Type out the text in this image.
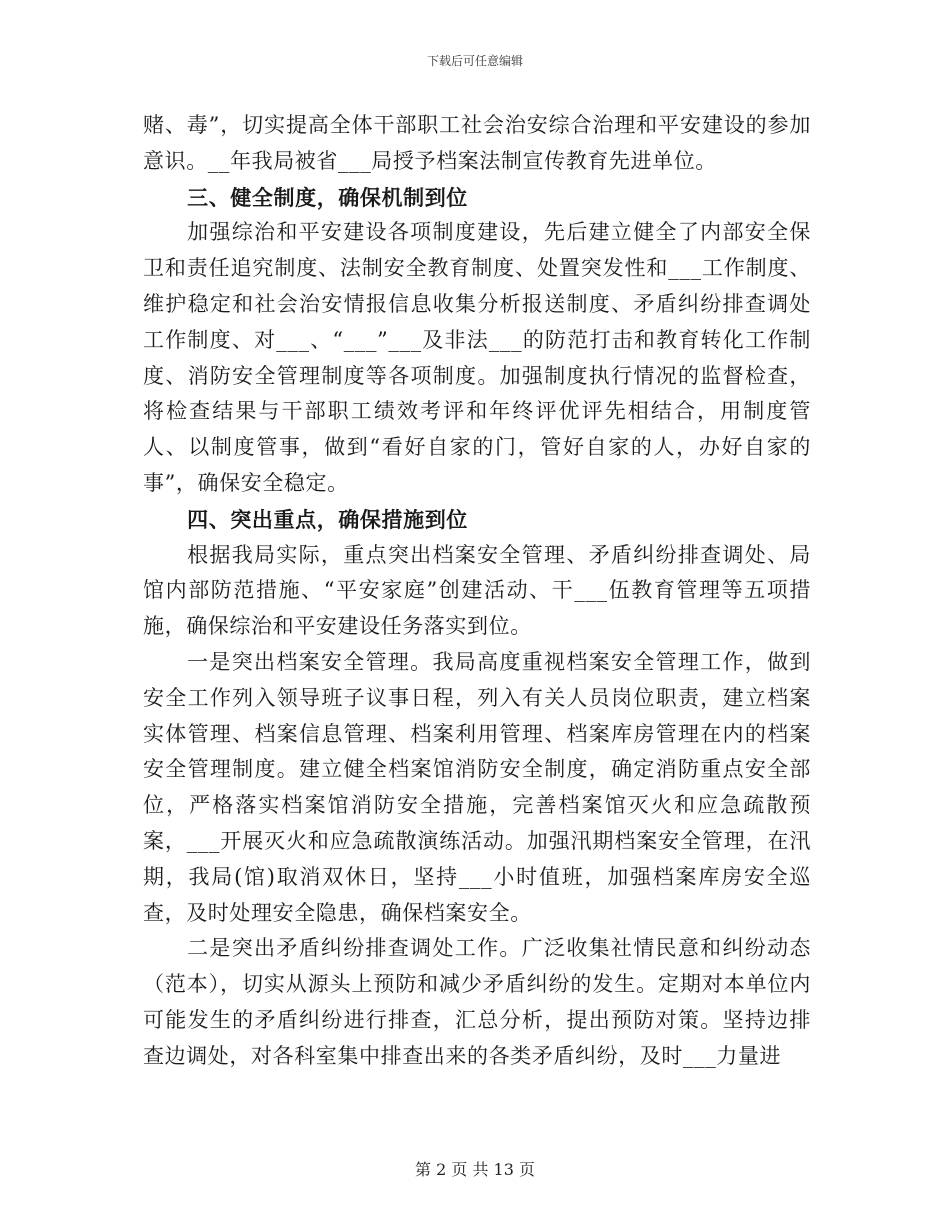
下载后可任意编辑

赌、毒”，切实提高全体干部职工社会治安综合治理和平安建设的参加意识。__年我局被省___局授予档案法制宣传教育先进单位。

三、健全制度，确保机制到位

加强综治和平安建设各项制度建设，先后建立健全了内部安全保卫和责任追究制度、法制安全教育制度、处置突发性和___工作制度、维护稳定和社会治安情报信息收集分析报送制度、矛盾纠纷排查调处工作制度、对___、“___”___及非法___的防范打击和教育转化工作制度、消防安全管理制度等各项制度。加强制度执行情况的监督检查，将检查结果与干部职工绩效考评和年终评优评先相结合，用制度管人、以制度管事，做到“看好自家的门，管好自家的人，办好自家的事”，确保安全稳定。

四、突出重点，确保措施到位

根据我局实际，重点突出档案安全管理、矛盾纠纷排查调处、局馆内部防范措施、“平安家庭”创建活动、干___伍教育管理等五项措施，确保综治和平安建设任务落实到位。

一是突出档案安全管理。我局高度重视档案安全管理工作，做到安全工作列入领导班子议事日程，列入有关人员岗位职责，建立档案实体管理、档案信息管理、档案利用管理、档案库房管理在内的档案安全管理制度。建立健全档案馆消防安全制度，确定消防重点安全部位，严格落实档案馆消防安全措施，完善档案馆灭火和应急疏散预案，___开展灭火和应急疏散演练活动。加强汛期档案安全管理，在汛期，我局(馆)取消双休日，坚持___小时值班，加强档案库房安全巡查，及时处理安全隐患，确保档案安全。

二是突出矛盾纠纷排查调处工作。广泛收集社情民意和纠纷动态（范本），切实从源头上预防和减少矛盾纠纷的发生。定期对本单位内可能发生的矛盾纠纷进行排查，汇总分析，提出预防对策。坚持边排查边调处，对各科室集中排查出来的各类矛盾纠纷，及时___力量进

第 2 页 共 13 页
